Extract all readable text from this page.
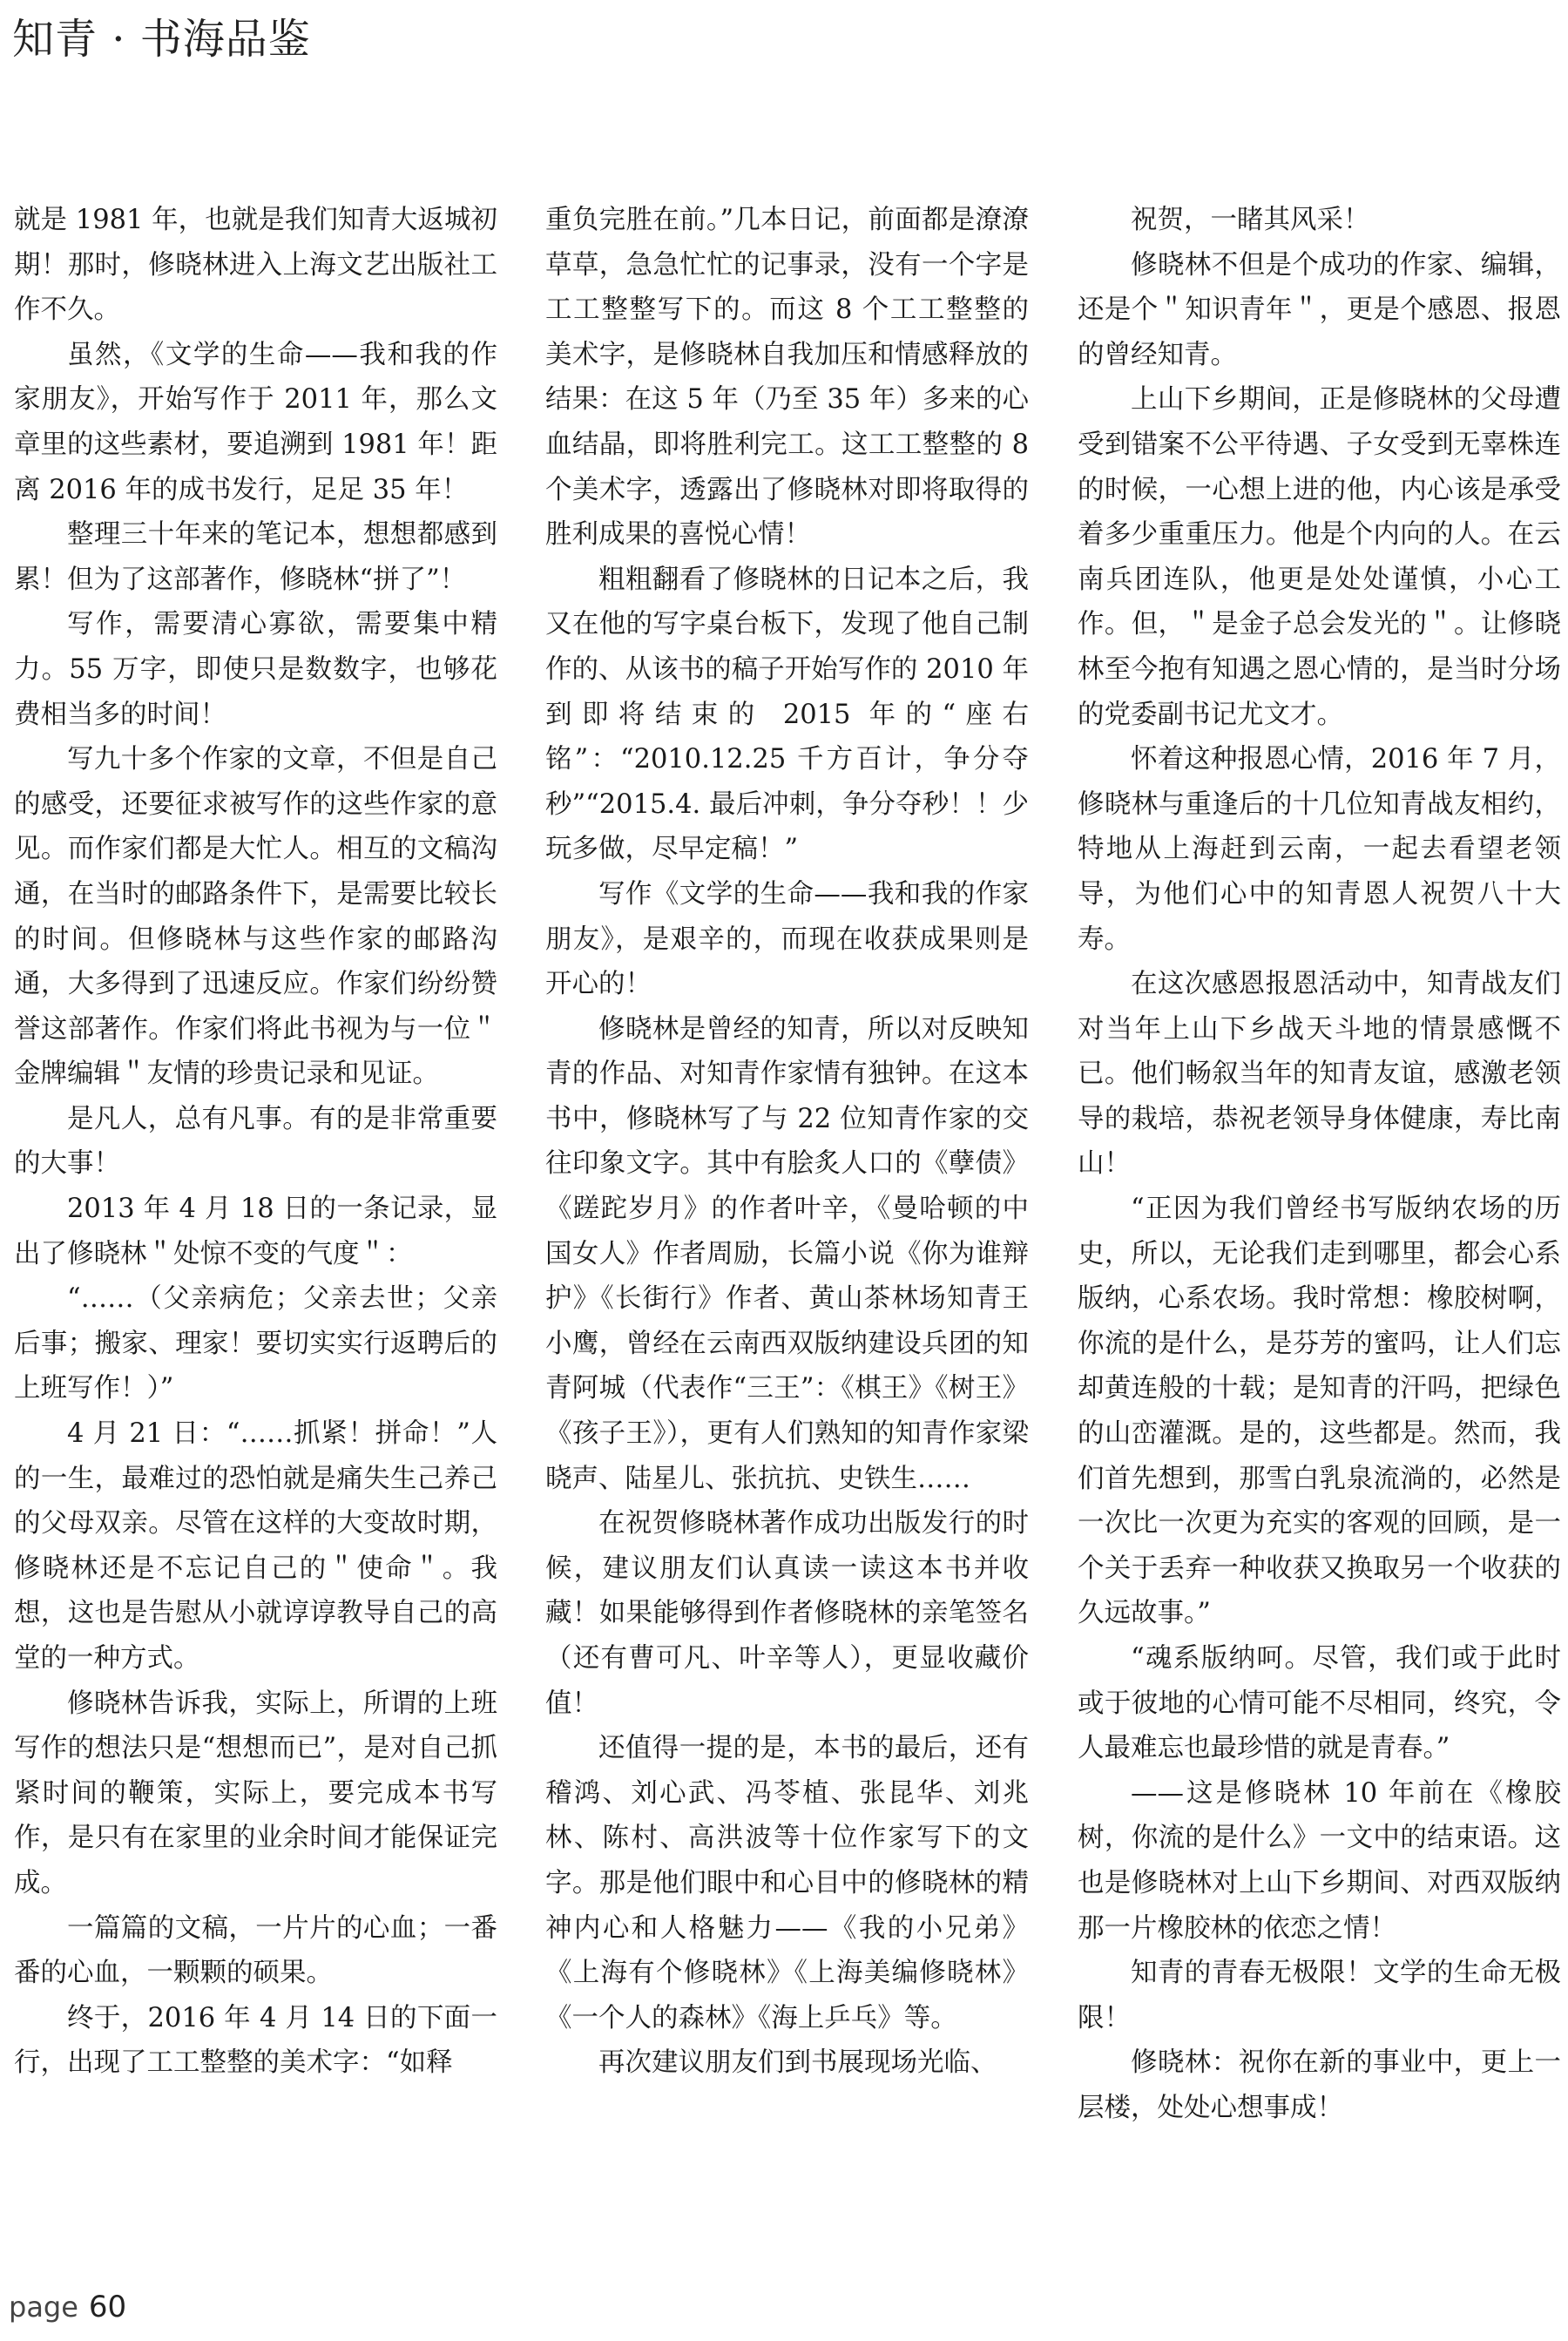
知青 · 书海品鉴

就是 1981 年，也就是我们知青大返城初期！那时，修晓林进入上海文艺出版社工作不久。

虽然，《文学的生命——我和我的作家朋友》，开始写作于 2011 年，那么文章里的这些素材，要追溯到 1981 年！距离 2016 年的成书发行，足足 35 年！

整理三十年来的笔记本，想想都感到累！但为了这部著作，修晓林“拼了”！

写作，需要清心寡欲，需要集中精力。55 万字，即使只是数数字，也够花费相当多的时间！

写九十多个作家的文章，不但是自己的感受，还要征求被写作的这些作家的意见。而作家们都是大忙人。相互的文稿沟通，在当时的邮路条件下，是需要比较长的时间。但修晓林与这些作家的邮路沟通，大多得到了迅速反应。作家们纷纷赞誉这部著作。作家们将此书视为与一位＂金牌编辑＂友情的珍贵记录和见证。

是凡人，总有凡事。有的是非常重要的大事！

2013 年 4 月 18 日的一条记录，显出了修晓林＂处惊不变的气度＂：

“……（父亲病危；父亲去世；父亲后事；搬家、理家！要切实实行返聘后的上班写作！）”

4 月 21 日：“……抓紧！拼命！”人的一生，最难过的恐怕就是痛失生己养己的父母双亲。尽管在这样的大变故时期，修晓林还是不忘记自己的＂使命＂。我想，这也是告慰从小就谆谆教导自己的高堂的一种方式。

修晓林告诉我，实际上，所谓的上班写作的想法只是“想想而已”，是对自己抓紧时间的鞭策，实际上，要完成本书写作，是只有在家里的业余时间才能保证完成。

一篇篇的文稿，一片片的心血；一番番的心血，一颗颗的硕果。

终于，2016 年 4 月 14 日的下面一行，出现了工工整整的美术字：“如释

重负完胜在前。”几本日记，前面都是潦潦草草，急急忙忙的记事录，没有一个字是工工整整写下的。而这 8 个工工整整的美术字，是修晓林自我加压和情感释放的结果：在这 5 年（乃至 35 年）多来的心血结晶，即将胜利完工。这工工整整的 8 个美术字，透露出了修晓林对即将取得的胜利成果的喜悦心情！

粗粗翻看了修晓林的日记本之后，我又在他的写字桌台板下，发现了他自己制作的、从该书的稿子开始写作的 2010 年到即将结束的 2015 年的“座右铭”：“2010.12.25 千方百计，争分夺秒”“2015.4. 最后冲刺，争分夺秒！！少玩多做，尽早定稿！”

写作《文学的生命——我和我的作家朋友》，是艰辛的，而现在收获成果则是开心的！

修晓林是曾经的知青，所以对反映知青的作品、对知青作家情有独钟。在这本书中，修晓林写了与 22 位知青作家的交往印象文字。其中有脍炙人口的《孽债》《蹉跎岁月》的作者叶辛，《曼哈顿的中国女人》作者周励，长篇小说《你为谁辩护》《长街行》作者、黄山茶林场知青王小鹰，曾经在云南西双版纳建设兵团的知青阿城（代表作“三王”：《棋王》《树王》《孩子王》），更有人们熟知的知青作家梁晓声、陆星儿、张抗抗、史铁生……

在祝贺修晓林著作成功出版发行的时候，建议朋友们认真读一读这本书并收藏！如果能够得到作者修晓林的亲笔签名（还有曹可凡、叶辛等人），更显收藏价值！

还值得一提的是，本书的最后，还有稽鸿、刘心武、冯苓植、张昆华、刘兆林、陈村、高洪波等十位作家写下的文字。那是他们眼中和心目中的修晓林的精神内心和人格魅力——《我的小兄弟》《上海有个修晓林》《上海美编修晓林》《一个人的森林》《海上乒乓》等。

再次建议朋友们到书展现场光临、

祝贺，一睹其风采！

修晓林不但是个成功的作家、编辑，还是个＂知识青年＂，更是个感恩、报恩的曾经知青。

上山下乡期间，正是修晓林的父母遭受到错案不公平待遇、子女受到无辜株连的时候，一心想上进的他，内心该是承受着多少重重压力。他是个内向的人。在云南兵团连队，他更是处处谨慎，小心工作。但，＂是金子总会发光的＂。让修晓林至今抱有知遇之恩心情的，是当时分场的党委副书记尤文才。

怀着这种报恩心情，2016 年 7 月，修晓林与重逢后的十几位知青战友相约，特地从上海赶到云南，一起去看望老领导，为他们心中的知青恩人祝贺八十大寿。

在这次感恩报恩活动中，知青战友们对当年上山下乡战天斗地的情景感慨不已。他们畅叙当年的知青友谊，感激老领导的栽培，恭祝老领导身体健康，寿比南山！

“正因为我们曾经书写版纳农场的历史，所以，无论我们走到哪里，都会心系版纳，心系农场。我时常想：橡胶树啊，你流的是什么，是芬芳的蜜吗，让人们忘却黄连般的十载；是知青的汗吗，把绿色的山峦灌溉。是的，这些都是。然而，我们首先想到，那雪白乳泉流淌的，必然是一次比一次更为充实的客观的回顾，是一个关于丢弃一种收获又换取另一个收获的久远故事。”

“魂系版纳呵。尽管，我们或于此时或于彼地的心情可能不尽相同，终究，令人最难忘也最珍惜的就是青春。”

——这是修晓林 10 年前在《橡胶树，你流的是什么》一文中的结束语。这也是修晓林对上山下乡期间、对西双版纳那一片橡胶林的依恋之情！

知青的青春无极限！文学的生命无极限！

修晓林：祝你在新的事业中，更上一层楼，处处心想事成！

page 60
